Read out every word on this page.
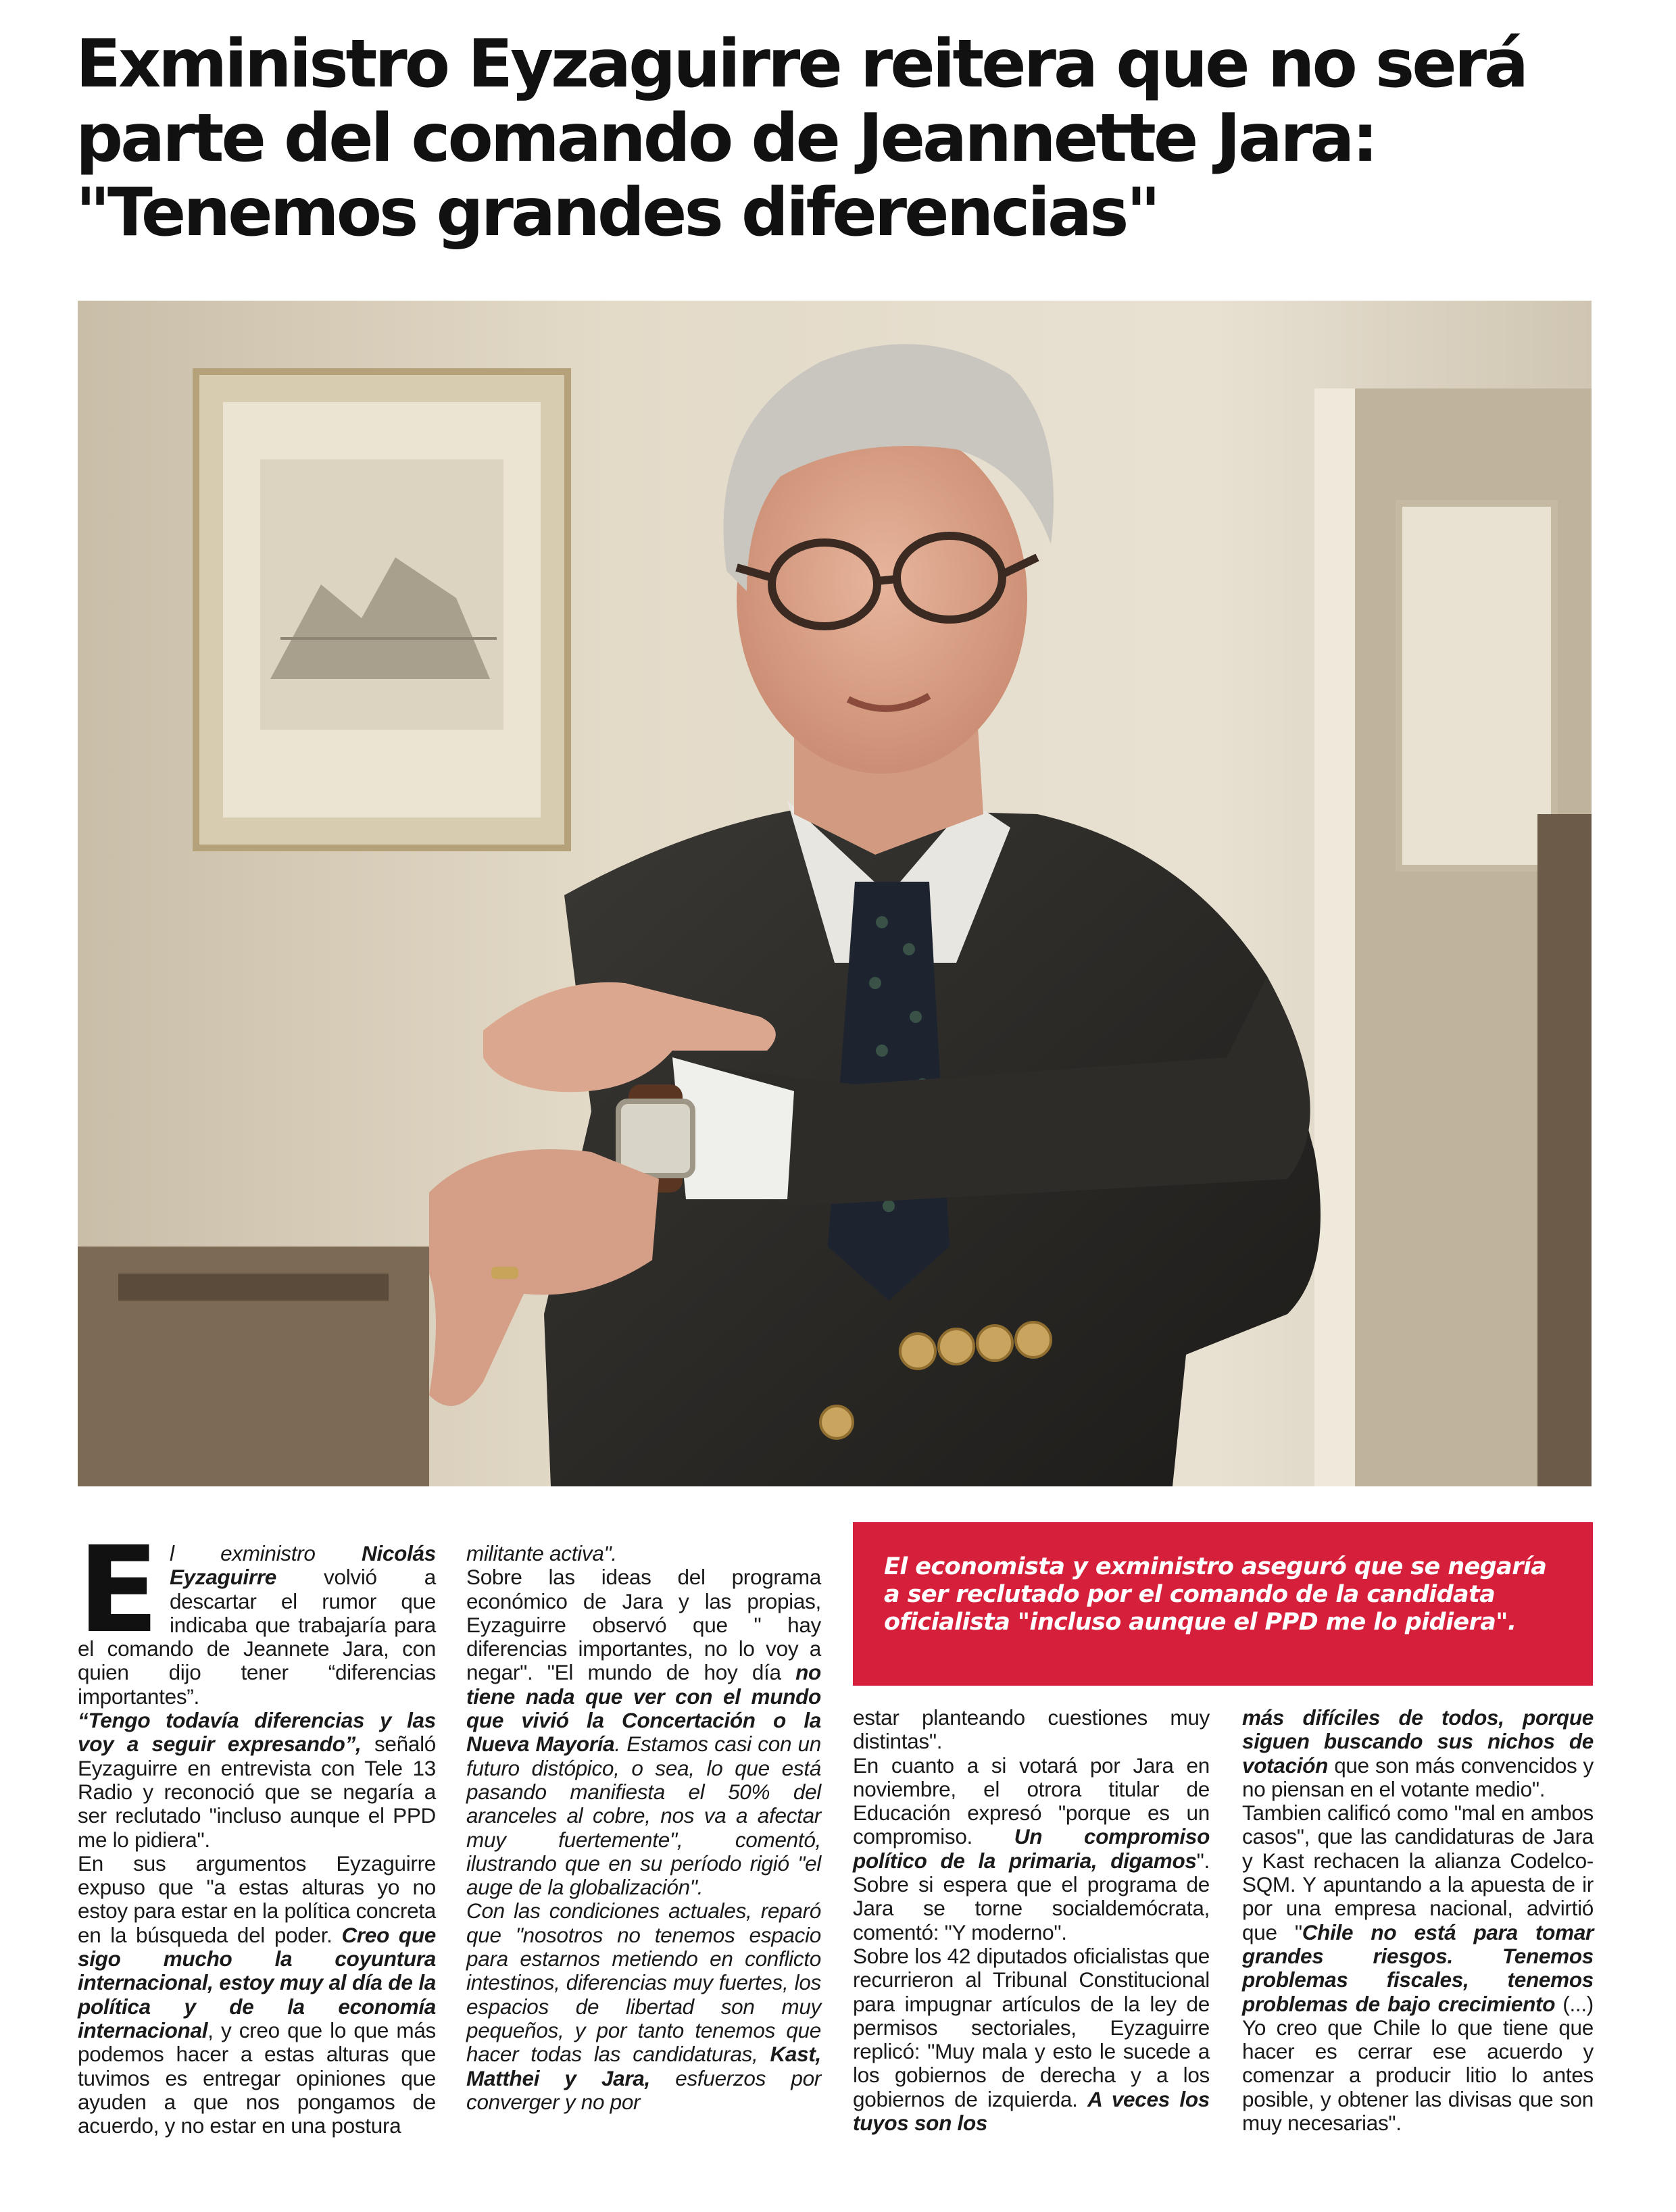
Exministro Eyzaguirre reitera que no será parte del comando de Jeannette Jara: "Tenemos grandes diferencias"
E l exministro Nicolás Eyzaguirre volvió a descartar el rumor que indicaba que trabajaría para el comando de Jeannete Jara, con quien dijo tener “diferencias importantes”.

“Tengo todavía diferencias y las voy a seguir expresando”, señaló Eyzaguirre en entrevista con Tele 13 Radio y reconoció que se negaría a ser reclutado "incluso aunque el PPD me lo pidiera".

En sus argumentos Eyzaguirre expuso que "a estas alturas yo no estoy para estar en la política concreta en la búsqueda del poder. Creo que sigo mucho la coyuntura internacional, estoy muy al día de la política y de la economía internacional, y creo que lo que más podemos hacer a estas alturas que tuvimos es entregar opiniones que ayuden a que nos pongamos de acuerdo, y no estar en una postura

militante activa".

Sobre las ideas del programa económico de Jara y las propias, Eyzaguirre observó que " hay diferencias importantes, no lo voy a negar". "El mundo de hoy día no tiene nada que ver con el mundo que vivió la Concertación o la Nueva Mayoría. Estamos casi con un futuro distópico, o sea, lo que está pasando manifiesta el 50% del aranceles al cobre, nos va a afectar muy fuertemente", comentó, ilustrando que en su período rigió "el auge de la globalización".

Con las condiciones actuales, reparó que "nosotros no tenemos espacio para estarnos metiendo en conflicto intestinos, diferencias muy fuertes, los espacios de libertad son muy pequeños, y por tanto tenemos que hacer todas las candidaturas, Kast, Matthei y Jara, esfuerzos por converger y no por

El economista y exministro aseguró que se negaría a ser reclutado por el comando de la candidata oficialista "incluso aunque el PPD me lo pidiera".

estar planteando cuestiones muy distintas".

En cuanto a si votará por Jara en noviembre, el otrora titular de Educación expresó "porque es un compromiso. Un compromiso político de la primaria, digamos". Sobre si espera que el programa de Jara se torne socialdemócrata, comentó: "Y moderno".

Sobre los 42 diputados oficialistas que recurrieron al Tribunal Constitucional para impugnar artículos de la ley de permisos sectoriales, Eyzaguirre replicó: "Muy mala y esto le sucede a los gobiernos de derecha y a los gobiernos de izquierda. A veces los tuyos son los

más difíciles de todos, porque siguen buscando sus nichos de votación que son más convencidos y no piensan en el votante medio".

Tambien calificó como "mal en ambos casos", que las candidaturas de Jara y Kast rechacen la alianza Codelco-SQM. Y apuntando a la apuesta de ir por una empresa nacional, advirtió que "Chile no está para tomar grandes riesgos. Tenemos problemas fiscales, tenemos problemas de bajo crecimiento (...) Yo creo que Chile lo que tiene que hacer es cerrar ese acuerdo y comenzar a producir litio lo antes posible, y obtener las divisas que son muy necesarias".
